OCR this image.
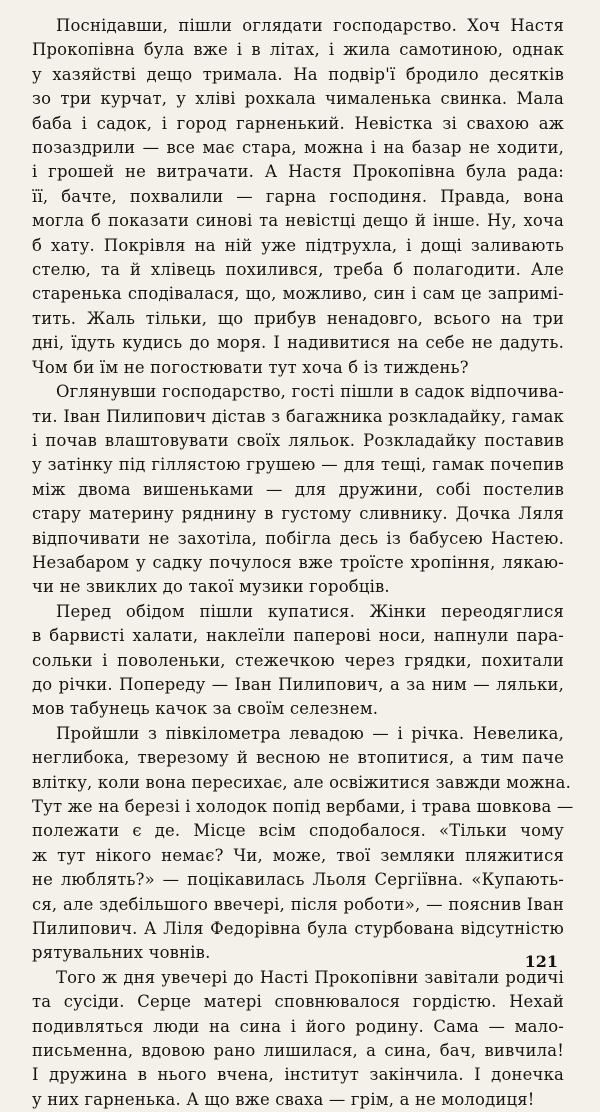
Поснідавши, пішли оглядати господарство. Хоч Настя
Прокопівна була вже і в літах, і жила самотиною, однак
у хазяйстві дещо тримала. На подвір'ї бродило десятків
зо три курчат, у хліві рохкала чималенька свинка. Мала
баба і садок, і город гарненький. Невістка зі свахою аж
позаздрили — все має стара, можна і на базар не ходити,
і грошей не витрачати. А Настя Прокопівна була рада:
її, бачте, похвалили — гарна господиня. Правда, вона
могла б показати синові та невістці дещо й інше. Ну, хоча
б хату. Покрівля на ній уже підтрухла, і дощі заливають
стелю, та й хлівець похилився, треба б полагодити. Але
старенька сподівалася, що, можливо, син і сам це запримі-
тить. Жаль тільки, що прибув ненадовго, всього на три
дні, їдуть кудись до моря. І надивитися на себе не дадуть.
Чом би їм не погостювати тут хоча б із тиждень?
Оглянувши господарство, гості пішли в садок відпочива-
ти. Іван Пилипович дістав з багажника розкладайку, гамак
і почав влаштовувати своїх ляльок. Розкладайку поставив
у затінку під гіллястою грушею — для тещі, гамак почепив
між двома вишеньками — для дружини, собі постелив
стару материну ряднину в густому сливнику. Дочка Ляля
відпочивати не захотіла, побігла десь із бабусею Настею.
Незабаром у садку почулося вже троїсте хропіння, лякаю-
чи не звиклих до такої музики горобців.
Перед обідом пішли купатися. Жінки переодяглися
в барвисті халати, наклеїли паперові носи, напнули пара-
сольки і поволеньки, стежечкою через грядки, похитали
до річки. Попереду — Іван Пилипович, а за ним — ляльки,
мов табунець качок за своїм селезнем.
Пройшли з півкілометра левадою — і річка. Невелика,
неглибока, тверезому й весною не втопитися, а тим паче
влітку, коли вона пересихає, але освіжитися завжди можна.
Тут же на березі і холодок попід вербами, і трава шовкова —
полежати є де. Місце всім сподобалося. «Тільки чому
ж тут нікого немає? Чи, може, твої земляки пляжитися
не люблять?» — поцікавилась Льоля Сергіївна. «Купають-
ся, але здебільшого ввечері, після роботи», — пояснив Іван
Пилипович. А Ліля Федорівна була стурбована відсутністю
рятувальних човнів.
Того ж дня увечері до Насті Прокопівни завітали родичі
та сусіди. Серце матері сповнювалося гордістю. Нехай
подивляться люди на сина і його родину. Сама — мало-
письменна, вдовою рано лишилася, а сина, бач, вивчила!
І дружина в нього вчена, інститут закінчила. І донечка
у них гарненька. А що вже сваха — грім, а не молодиця!
121
